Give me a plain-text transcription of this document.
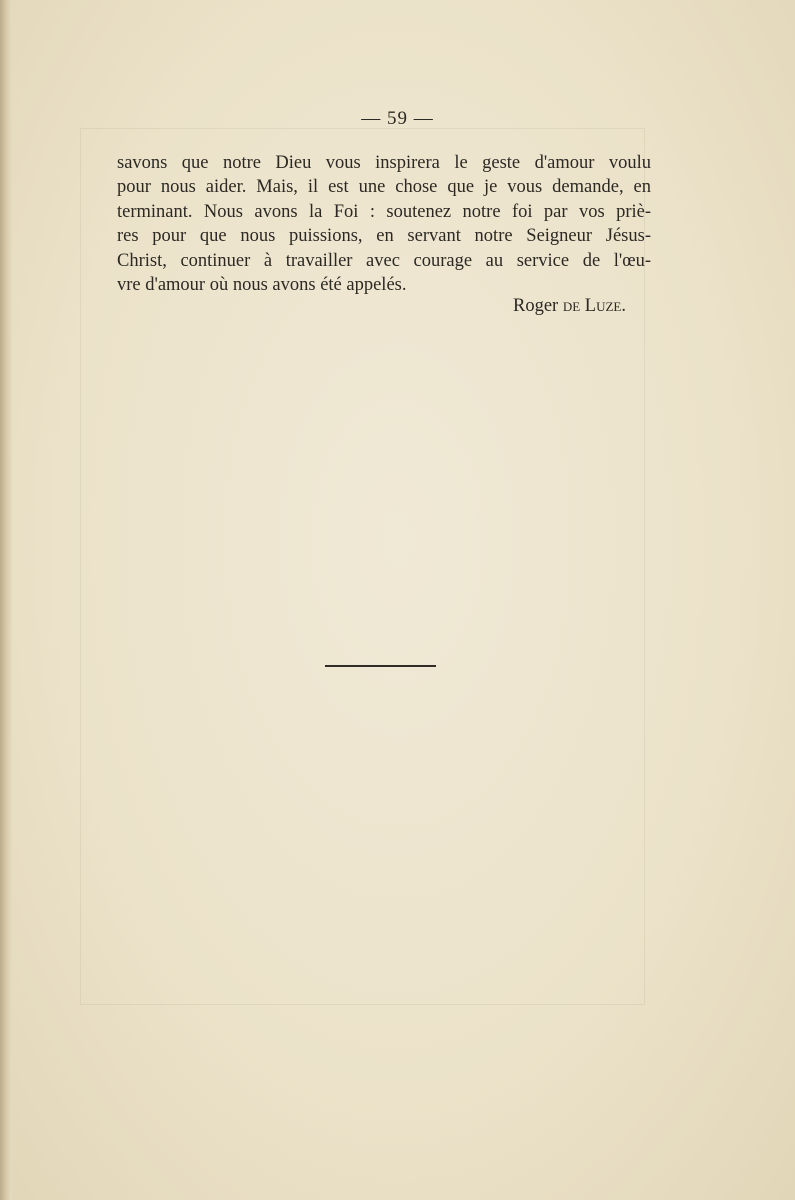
— 59 —
savons que notre Dieu vous inspirera le geste d'amour voulu
pour nous aider. Mais, il est une chose que je vous demande, en
terminant. Nous avons la Foi : soutenez notre foi par vos priè-
res pour que nous puissions, en servant notre Seigneur Jésus-
Christ, continuer à travailler avec courage au service de l'œu-
vre d'amour où nous avons été appelés.
Roger de Luze.
